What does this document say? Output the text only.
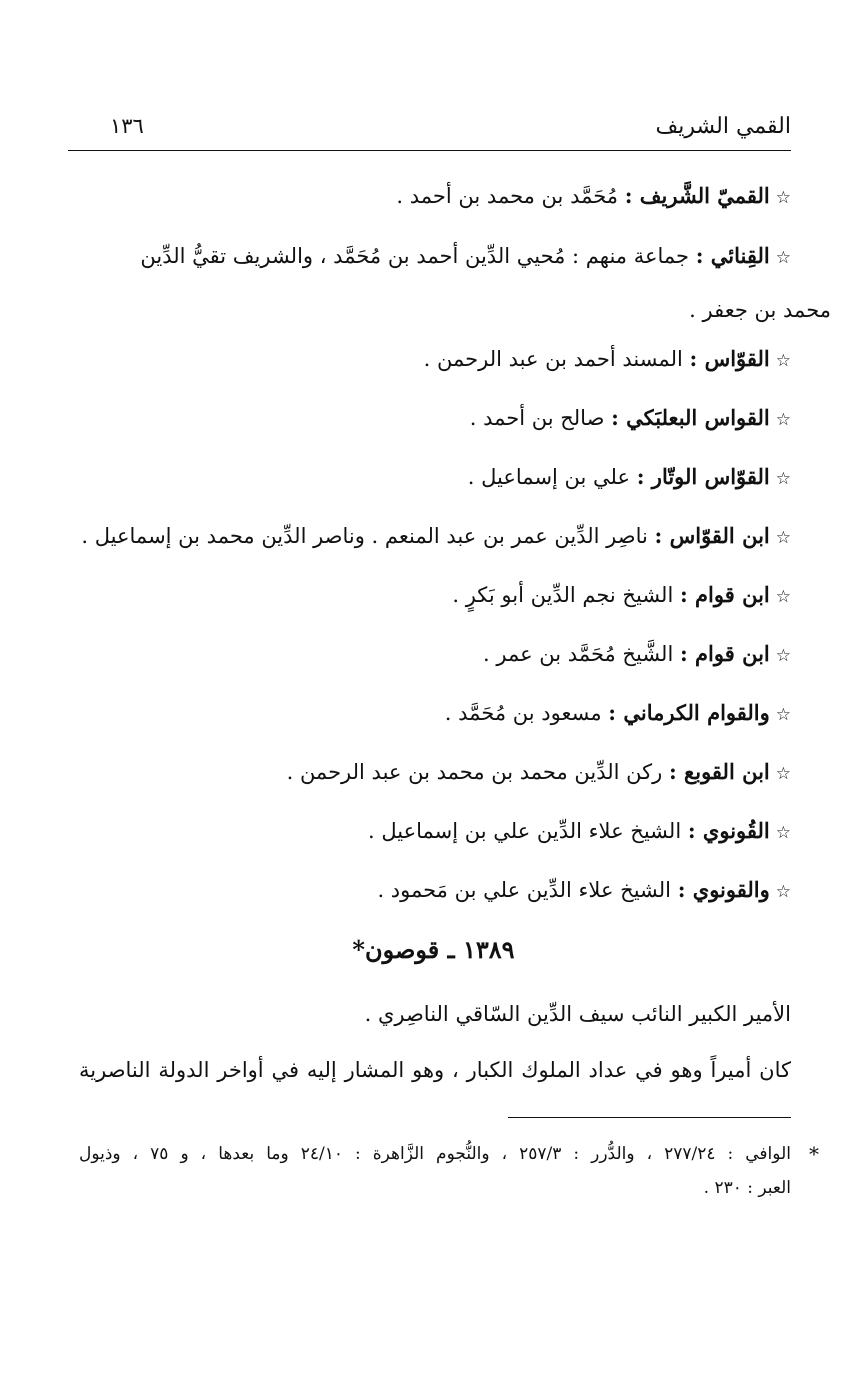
القمي الشريف
١٣٦
☆القميّ الشَّريف : مُحَمَّد بن محمد بن أحمد .
☆القِنائي : جماعة منهم : مُحيي الدِّين أحمد بن مُحَمَّد ، والشريف تقيُّ الدِّين
محمد بن جعفر .
☆القوّاس : المسند أحمد بن عبد الرحمن .
☆القواس البعلبَكي : صالح بن أحمد .
☆القوّاس الوتّار : علي بن إسماعيل .
☆ابن القوّاس : ناصِر الدِّين عمر بن عبد المنعم . وناصر الدِّين محمد بن إسماعيل .
☆ابن قوام : الشيخ نجم الدِّين أبو بَكرٍ .
☆ابن قوام : الشَّيخ مُحَمَّد بن عمر .
☆والقوام الكرماني : مسعود بن مُحَمَّد .
☆ابن القوبع : ركن الدِّين محمد بن محمد بن عبد الرحمن .
☆القُونوي : الشيخ علاء الدِّين علي بن إسماعيل .
☆والقونوي : الشيخ علاء الدِّين علي بن مَحمود .
١٣٨٩ ـ قوصون*
الأمير الكبير النائب سيف الدِّين السّاقي الناصِري .
كان أميراً وهو في عداد الملوك الكبار ، وهو المشار إليه في أواخر الدولة الناصرية
*
الوافي : ٢٧٧/٢٤ ، والدُّرر : ٢٥٧/٣ ، والنُّجوم الزَّاهرة : ٢٤/١٠ وما بعدها ، و ٧٥ ، وذيول
العبر : ٢٣٠ .
